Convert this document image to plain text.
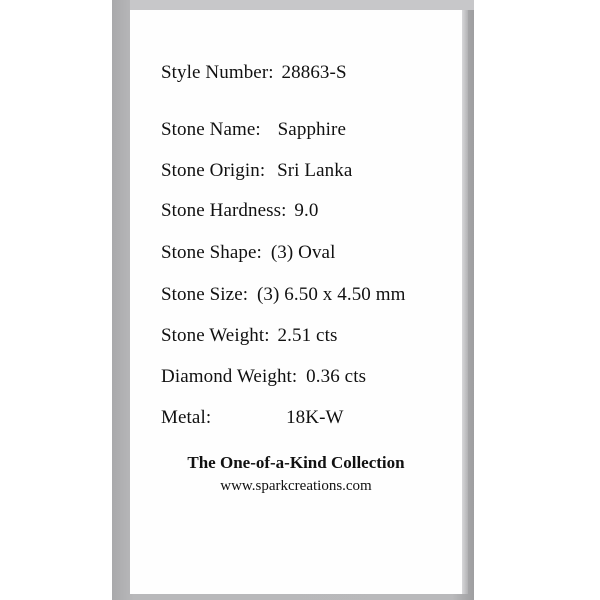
Style Number: 28863-S
Stone Name: Sapphire
Stone Origin: Sri Lanka
Stone Hardness: 9.0
Stone Shape: (3) Oval
Stone Size: (3) 6.50 x 4.50 mm
Stone Weight: 2.51 cts
Diamond Weight: 0.36 cts
Metal:	18K-W
The One-of-a-Kind Collection
www.sparkcreations.com
